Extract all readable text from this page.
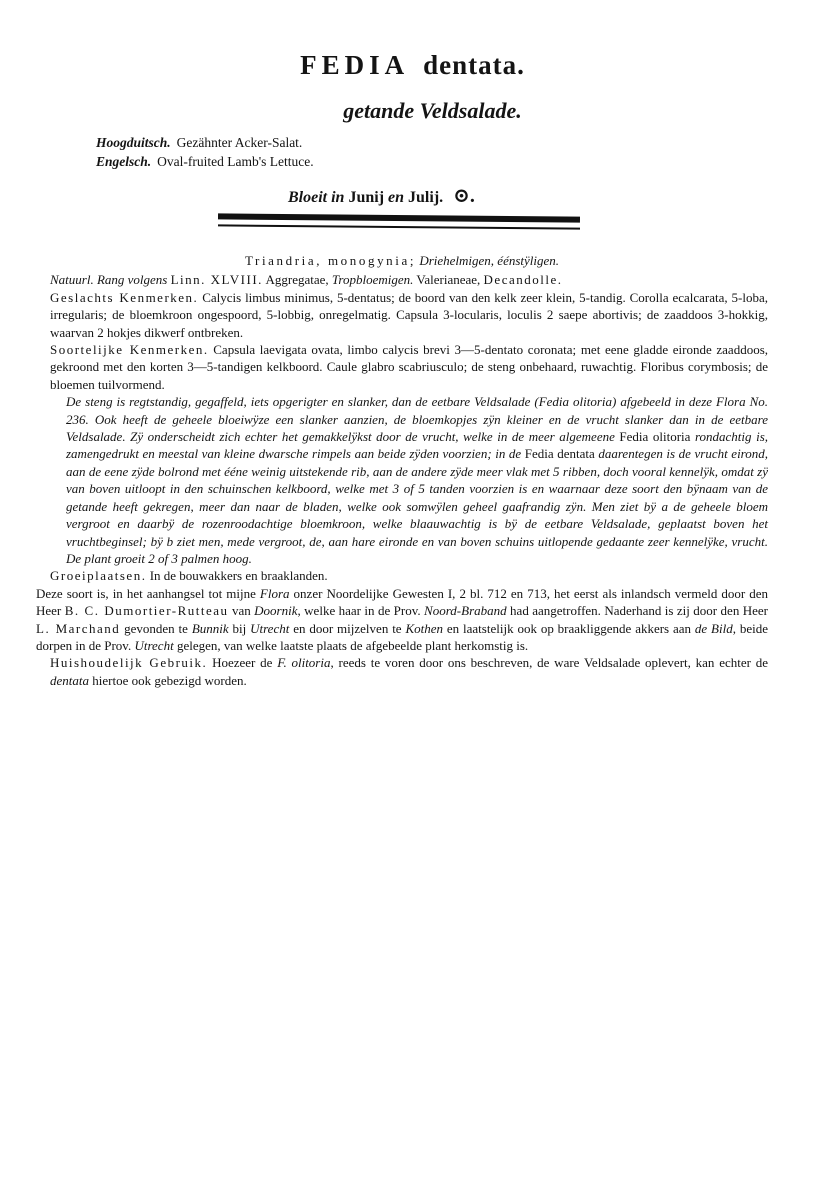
FEDIA dentata.
getande Veldsalade.
Hoogduitsch. Gezähnter Acker-Salat.
Engelsch. Oval-fruited Lamb's Lettuce.
Bloeit in Junij en Julij. ⊙.

Triandria, monogynia; Driehelmigen, éénstÿligen.

Natuurl. Rang volgens Linn. XLVIII. Aggregatae, Tropbloemigen. Valerianeae, Decandolle.

Geslachts Kenmerken. Calycis limbus minimus, 5-dentatus; de boord van den kelk zeer klein, 5-tandig. Corolla ecalcarata, 5-loba, irregularis; de bloemkroon ongespoord, 5-lobbig, onregelmatig. Capsula 3-locularis, loculis 2 saepe abortivis; de zaaddoos 3-hokkig, waarvan 2 hokjes dikwerf ontbreken.

Soortelijke Kenmerken. Capsula laevigata ovata, limbo calycis brevi 3—5-dentato coronata; met eene gladde eironde zaaddoos, gekroond met den korten 3—5-tandigen kelkboord. Caule glabro scabriusculo; de steng onbehaard, ruwachtig. Floribus corymbosis; de bloemen tuilvormend.

De steng is regtstandig, gegaffeld, iets opgerigter en slanker, dan de eetbare Veldsalade (Fedia olitoria) afgebeeld in deze Flora No. 236. Ook heeft de geheele bloeiwÿze een slanker aanzien, de bloemkopjes zÿn kleiner en de vrucht slanker dan in de eetbare Veldsalade. Zÿ onderscheidt zich echter het gemakkelÿkst door de vrucht, welke in de meer algemeene Fedia olitoria rondachtig is, zamengedrukt en meestal van kleine dwarsche rimpels aan beide zÿden voorzien; in de Fedia dentata daarentegen is de vrucht eirond, aan de eene zÿde bolrond met ééne weinig uitstekende rib, aan de andere zÿde meer vlak met 5 ribben, doch vooral kennelÿk, omdat zÿ van boven uitloopt in den schuinschen kelkboord, welke met 3 of 5 tanden voorzien is en waarnaar deze soort den bÿnaam van de getande heeft gekregen, meer dan naar de bladen, welke ook somwÿlen geheel gaafrandig zÿn. Men ziet bÿ a de geheele bloem vergroot en daarbÿ de rozenroodachtige bloemkroon, welke blaauwachtig is bÿ de eetbare Veldsalade, geplaatst boven het vruchtbeginsel; bÿ b ziet men, mede vergroot, de, aan hare eironde en van boven schuins uitlopende gedaante zeer kennelÿke, vrucht. De plant groeit 2 of 3 palmen hoog.

Groeiplaatsen. In de bouwakkers en braaklanden.

Deze soort is, in het aanhangsel tot mijne Flora onzer Noordelijke Gewesten I, 2 bl. 712 en 713, het eerst als inlandsch vermeld door den Heer B. C. Dumortier-Rutteau van Doornik, welke haar in de Prov. Noord-Braband had aangetroffen. Naderhand is zij door den Heer L. Marchand gevonden te Bunnik bij Utrecht en door mijzelven te Kothen en laatstelijk ook op braakliggende akkers aan de Bild, beide dorpen in de Prov. Utrecht gelegen, van welke laatste plaats de afgebeelde plant herkomstig is.

Huishoudelijk Gebruik. Hoezeer de F. olitoria, reeds te voren door ons beschreven, de ware Veldsalade oplevert, kan echter de dentata hiertoe ook gebezigd worden.
